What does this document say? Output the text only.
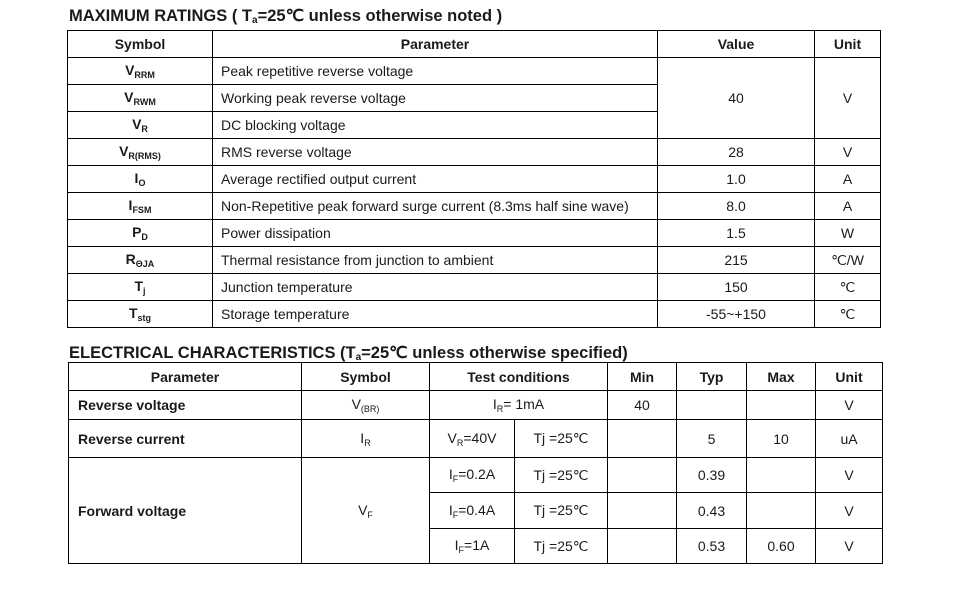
MAXIMUM RATINGS ( $T_a=25℃$ unless otherwise noted )
Symbol	Parameter	Value	Unit
$V_{RRM}$	Peak repetitive reverse voltage	40	V
$V_{RWM}$	Working peak reverse voltage		
$V_R$	DC blocking voltage		
$V_{R(RMS)}$	RMS reverse voltage	28	V
$I_O$	Average rectified output current	1.0	A
$I_{FSM}$	Non-Repetitive peak forward surge current (8.3ms half sine wave)	8.0	A
$P_D$	Power dissipation	1.5	W
$R_{\Theta JA}$	Thermal resistance from junction to ambient	215	℃/W
$T_j$	Junction temperature	150	℃
$T_{stg}$	Storage temperature	-55~+150	℃
ELECTRICAL CHARACTERISTICS ($T_a=25℃$ unless otherwise specified)
Parameter	Symbol	Test conditions		Min	Typ	Max	Unit
Reverse voltage	$V_{(BR)}$	$I_R= 1mA$		40			V
Reverse current	$I_R$	$V_R=40V$	Tj =25℃		5	10	uA
Forward voltage	$V_F$	$I_F=0.2A$	Tj =25℃		0.39		V
		$I_F=0.4A$	Tj =25℃		0.43		V
		$I_F=1A$	Tj =25℃		0.53	0.60	V
